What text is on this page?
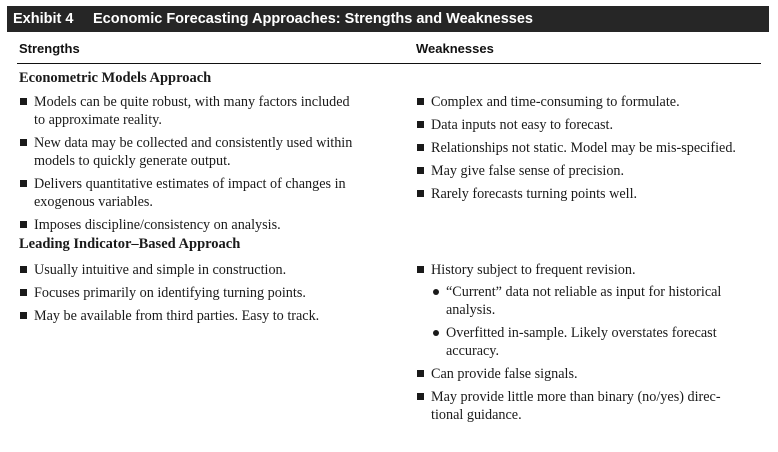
Exhibit 4	Economic Forecasting Approaches: Strengths and Weaknesses
Strengths	Weaknesses
Econometric Models Approach
Models can be quite robust, with many factors included to approximate reality.
New data may be collected and consistently used within models to quickly generate output.
Delivers quantitative estimates of impact of changes in exogenous variables.
Imposes discipline/consistency on analysis.
Complex and time-consuming to formulate.
Data inputs not easy to forecast.
Relationships not static. Model may be mis-specified.
May give false sense of precision.
Rarely forecasts turning points well.
Leading Indicator–Based Approach
Usually intuitive and simple in construction.
Focuses primarily on identifying turning points.
May be available from third parties. Easy to track.
History subject to frequent revision.
“Current” data not reliable as input for historical analysis.
Overfitted in-sample. Likely overstates forecast accuracy.
Can provide false signals.
May provide little more than binary (no/yes) directional guidance.
